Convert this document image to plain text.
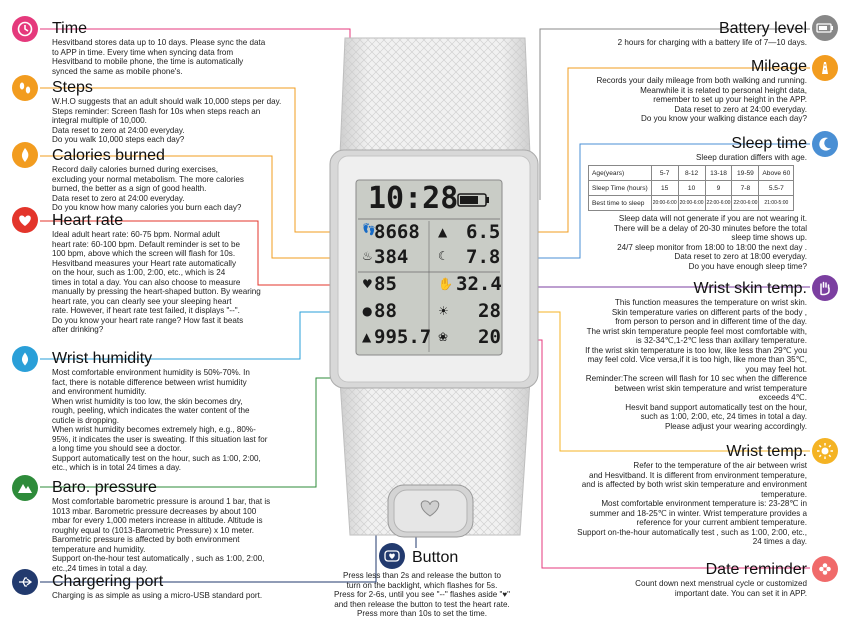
10:28
👣
8668 ▲ 6.5
♨ 384 ☾ 7.8
♥ 85	✋ 32.4
● 88	☀ 28
▲ 995.7 ❀ 20
Time
Hesvitband stores data up to 10 days. Please sync the data
to APP in time. Every time when syncing data from
Hesvitband to mobile phone, the time is automatically
synced the same as mobile phone's.
Steps
W.H.O suggests that an adult should walk 10,000 steps per day.
Steps reminder: Screen flash for 10s when steps reach an
integral multiple of 10,000.
Data reset to zero at 24:00 everyday.
Do you walk 10,000 steps each day?
Calories burned
Record daily calories burned during exercises,
excluding your normal metabolism. The more calories
burned, the better as a sign of good health.
Data reset to zero at 24:00 everyday.
Do you know how many calories you burn each day?
Heart rate
Ideal adult heart rate: 60-75 bpm. Normal adult
heart rate: 60-100 bpm. Default reminder is set to be
100 bpm, above which the screen will flash for 10s.
Hesvitband measures your Heart rate automatically
on the hour, such as 1:00, 2:00, etc., which is 24
times in total a day. You can also choose to measure
manually by pressing the heart-shaped button. By wearing
heart rate, you can clearly see your sleeping heart
rate. However, if heart rate test failed, it displays "--".
Do you know your heart rate range? How fast it beats
after drinking?
Wrist humidity
Most comfortable environment humidity is 50%-70%. In
fact, there is notable difference between wrist humidity
and environment humidity.
When wrist humidity is too low, the skin becomes dry,
rough, peeling, which indicates the water content of the
cuticle is dropping.
When wrist humidity becomes extremely high, e.g., 80%-
95%, it indicates the user is sweating. If this situation last for
a long time you should see a doctor.
Support automatically test on the hour, such as 1:00, 2:00,
etc., which is in total 24 times a day.
Baro. pressure
Most comfortable barometric pressure is around 1 bar, that is
1013 mbar. Barometric pressure decreases by about 100
mbar for every 1,000 meters increase in altitude. Altitude is
roughly equal to (1013-Barometric Pressure) x 10 meter.
Barometric pressure is affected by both environment
temperature and humidity.
Support on-the-hour test automatically , such as 1:00, 2:00,
etc.,24 times in total a day.
Chargering port
Charging is as simple as using a micro-USB standard port.
Battery level
2 hours for charging with a battery life of 7—10 days.
Mileage
Records your daily mileage from both walking and running.
Meanwhile it is related to personal height data,
remember to set up your height in the APP.
Data reset to zero at 24:00 everyday.
Do you know your walking distance each day?
Sleep time
Sleep duration differs with age.
Age(years)	5-7	8-12	13-18	19-59	Above 60
Sleep Time (hours)	15	10	9	7-8	5.5-7
Best time to sleep	20:00-6:00	20:00-6:00	22:00-6:00	22:00-6:00	21:00-5:00
Sleep data will not generate if you are not wearing it.
There will be a delay of 20-30 minutes before the total
sleep time shows up.
24/7 sleep monitor from 18:00 to 18:00 the next day .
Data reset to zero at 18:00 everyday.
Do you have enough sleep time?
Wrist skin temp.
This function measures the temperature on wrist skin.
Skin temperature varies on different parts of the body ,
from person to person and in different time of the day.
The wrist skin temperature people feel most comfortable with,
is 32-34℃,1-2℃ less than axillary temperature.
If the wrist skin temperature is too low, like less than 29℃ you
may feel cold. Vice versa,if it is too high, like more than 35℃,
you may feel hot.
Reminder:The screen will flash for 10 sec when the difference
between wrist skin temperature and wrist temperature
exceeds 4℃.
Hesvit band support automatically test on the hour,
such as 1:00, 2:00, etc, 24 times in total a day.
Please adjust your wearing accordingly.
Wrist temp.
Refer to the temperature of the air between wrist
and Hesvitband. It is different from environment temperature,
and is affected by both wrist skin temperature and environment
temperature.
Most comfortable environment temperature is: 23-28℃ in
summer and 18-25℃ in winter. Wrist temperature provides a
reference for your current ambient temperature.
Support on-the-hour automatically test , such as 1:00, 2:00, etc.,
24 times a day.
Date reminder
Count down next menstrual cycle or customized
important date. You can set it in APP.
Button
Press less than 2s and release the button to
turn on the backlight, which flashes for 5s.
Press for 2-6s, until you see "--" flashes aside "♥"
and then release the button to test the heart rate.
Press more than 10s to set the time.
